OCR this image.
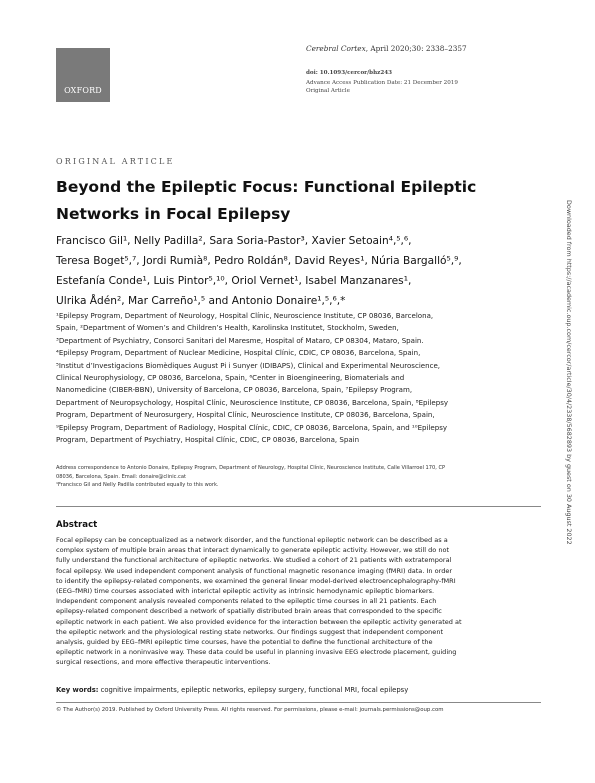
OXFORD
Cerebral Cortex, April 2020;30: 2338–2357
doi: 10.1093/cercor/bhz243
Advance Access Publication Date: 21 December 2019
Original Article
ORIGINAL ARTICLE
Beyond the Epileptic Focus: Functional Epileptic
Networks in Focal Epilepsy
Francisco Gil¹, Nelly Padilla², Sara Soria-Pastor³, Xavier Setoain⁴,⁵,⁶,
Teresa Boget⁵,⁷, Jordi Rumià⁸, Pedro Roldán⁸, David Reyes¹, Núria Bargalló⁵,⁹,
Estefanía Conde¹, Luis Pintor⁵,¹⁰, Oriol Vernet¹, Isabel Manzanares¹,
Ulrika Ådén², Mar Carreño¹,⁵ and Antonio Donaire¹,⁵,⁶,*
¹Epilepsy Program, Department of Neurology, Hospital Clínic, Neuroscience Institute, CP 08036, Barcelona,
Spain, ²Department of Women’s and Children’s Health, Karolinska Institutet, Stockholm, Sweden,
³Department of Psychiatry, Consorci Sanitari del Maresme, Hospital of Mataro, CP 08304, Mataro, Spain.
⁴Epilepsy Program, Department of Nuclear Medicine, Hospital Clínic, CDIC, CP 08036, Barcelona, Spain,
⁵Institut d’Investigacions Biomèdiques August Pi i Sunyer (IDIBAPS), Clinical and Experimental Neuroscience,
Clinical Neurophysiology, CP 08036, Barcelona, Spain, ⁶Center in Bioengineering, Biomaterials and
Nanomedicine (CIBER-BBN), University of Barcelona, CP 08036, Barcelona, Spain, ⁷Epilepsy Program,
Department of Neuropsychology, Hospital Clínic, Neuroscience Institute, CP 08036, Barcelona, Spain, ⁸Epilepsy
Program, Department of Neurosurgery, Hospital Clínic, Neuroscience Institute, CP 08036, Barcelona, Spain,
⁹Epilepsy Program, Department of Radiology, Hospital Clínic, CDIC, CP 08036, Barcelona, Spain, and ¹⁰Epilepsy
Program, Department of Psychiatry, Hospital Clínic, CDIC, CP 08036, Barcelona, Spain
Address correspondence to Antonio Donaire, Epilepsy Program, Department of Neurology, Hospital Clínic, Neuroscience Institute, Calle Villarroel 170, CP
08036, Barcelona, Spain. Email: donaire@clinic.cat
¹Francisco Gil and Nelly Padilla contributed equally to this work.
Abstract
Focal epilepsy can be conceptualized as a network disorder, and the functional epileptic network can be described as a
complex system of multiple brain areas that interact dynamically to generate epileptic activity. However, we still do not
fully understand the functional architecture of epileptic networks. We studied a cohort of 21 patients with extratemporal
focal epilepsy. We used independent component analysis of functional magnetic resonance imaging (fMRI) data. In order
to identify the epilepsy-related components, we examined the general linear model-derived electroencephalography-fMRI
(EEG–fMRI) time courses associated with interictal epileptic activity as intrinsic hemodynamic epileptic biomarkers.
Independent component analysis revealed components related to the epileptic time courses in all 21 patients. Each
epilepsy-related component described a network of spatially distributed brain areas that corresponded to the specific
epileptic network in each patient. We also provided evidence for the interaction between the epileptic activity generated at
the epileptic network and the physiological resting state networks. Our findings suggest that independent component
analysis, guided by EEG–fMRI epileptic time courses, have the potential to define the functional architecture of the
epileptic network in a noninvasive way. These data could be useful in planning invasive EEG electrode placement, guiding
surgical resections, and more effective therapeutic interventions.
Key words: cognitive impairments, epileptic networks, epilepsy surgery, functional MRI, focal epilepsy
© The Author(s) 2019. Published by Oxford University Press. All rights reserved. For permissions, please e-mail: journals.permissions@oup.com
Downloaded from https://academic.oup.com/cercor/article/30/4/2338/5682893 by guest on 30 August 2022
